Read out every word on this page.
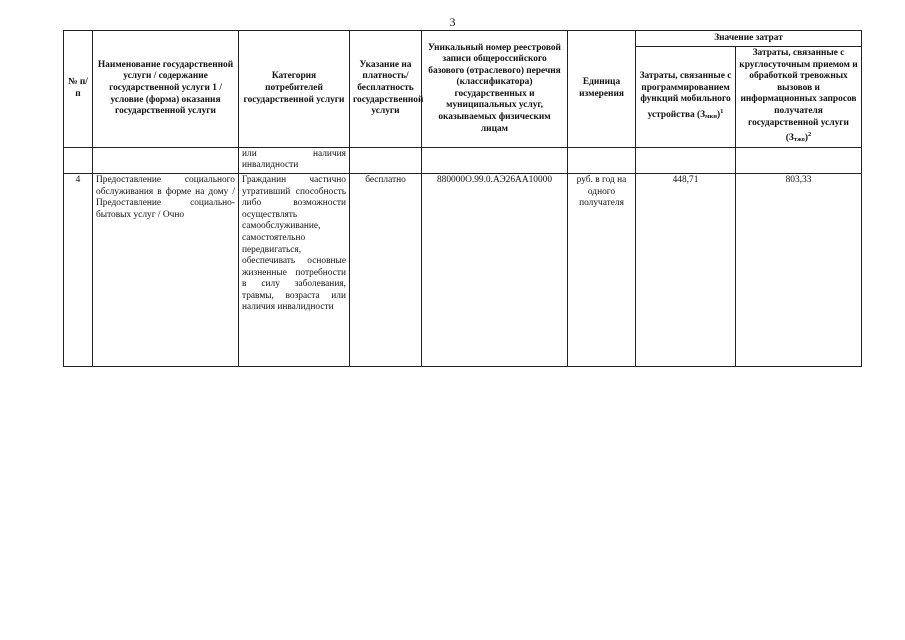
3
№ п/п	Наименование государственной услуги / содержание государственной услуги 1 / условие (форма) оказания государственной услуги	Категория потребителей государственной услуги	Указание на платность/ бесплатность государственной услуги	Уникальный номер реестровой записи общероссийского базового (отраслевого) перечня (классификатора) государственных и муниципальных услуг, оказываемых физическим лицам	Единица измерения	Значение затрат	
						Затраты, связанные с программированием функций мобильного устройства (Змкн)$^1$	Затраты, связанные с круглосуточным приемом и обработкой тревожных вызовов и информационных запросов получателя государственной услуги (Зтжо)$^2$
		или наличия инвалидности					
4	Предоставление социального обслуживания в форме на дому / Предоставление социально-бытовых услуг / Очно	Гражданин частично утративший способность либо возможности осуществлять самообслуживание, самостоятельно передвигаться, обеспечивать основные жизненные потребности в силу заболевания, травмы, возраста или наличия инвалидности	бесплатно	880000О.99.0.АЭ26АА10000	руб. в год на одного получателя	448,71	803,33
